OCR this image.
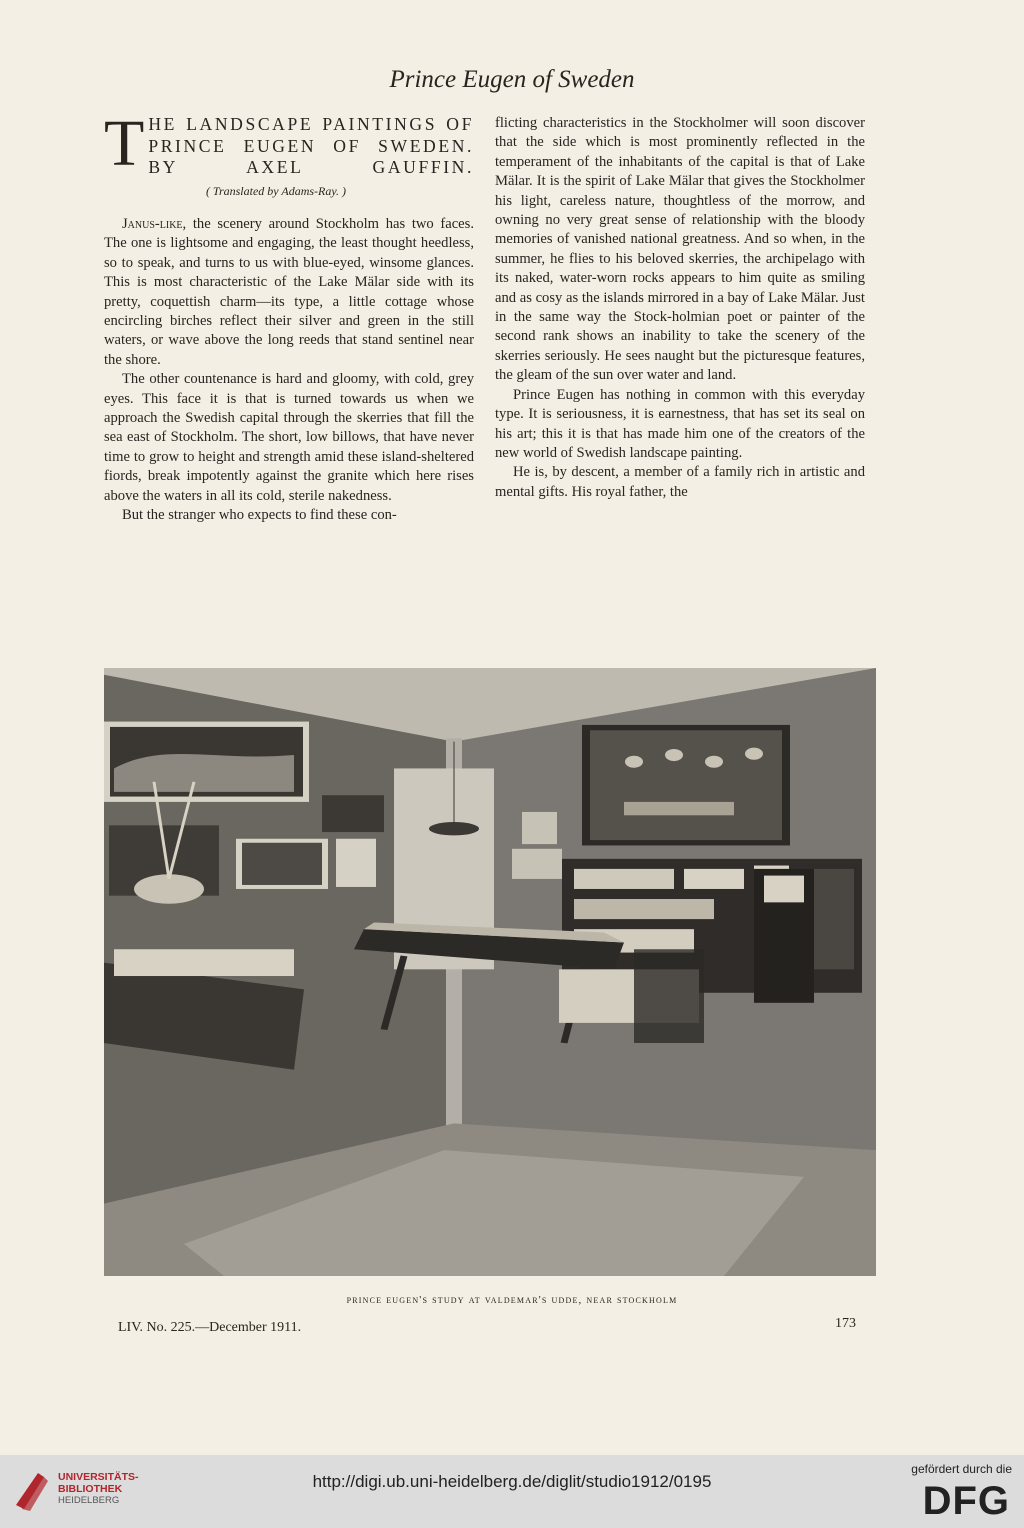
Prince Eugen of Sweden
T HE LANDSCAPE PAINTINGS OF PRINCE EUGEN OF SWEDEN. BY AXEL GAUFFIN.
( Translated by Adams-Ray. )

Janus-like, the scenery around Stockholm has two faces. The one is lightsome and engaging, the least thought heedless, so to speak, and turns to us with blue-eyed, winsome glances. This is most characteristic of the Lake Mälar side with its pretty, coquettish charm—its type, a little cottage whose encircling birches reflect their silver and green in the still waters, or wave above the long reeds that stand sentinel near the shore.

The other countenance is hard and gloomy, with cold, grey eyes. This face it is that is turned towards us when we approach the Swedish capital through the skerries that fill the sea east of Stockholm. The short, low billows, that have never time to grow to height and strength amid these island-sheltered fiords, break impotently against the granite which here rises above the waters in all its cold, sterile nakedness.

But the stranger who expects to find these con-

flicting characteristics in the Stockholmer will soon discover that the side which is most prominently reflected in the temperament of the inhabitants of the capital is that of Lake Mälar. It is the spirit of Lake Mälar that gives the Stockholmer his light, careless nature, thoughtless of the morrow, and owning no very great sense of relationship with the bloody memories of vanished national greatness. And so when, in the summer, he flies to his beloved skerries, the archipelago with its naked, water-worn rocks appears to him quite as smiling and as cosy as the islands mirrored in a bay of Lake Mälar. Just in the same way the Stock-holmian poet or painter of the second rank shows an inability to take the scenery of the skerries seriously. He sees naught but the picturesque features, the gleam of the sun over water and land.

Prince Eugen has nothing in common with this everyday type. It is seriousness, it is earnestness, that has set its seal on his art; this it is that has made him one of the creators of the new world of Swedish landscape painting.

He is, by descent, a member of a family rich in artistic and mental gifts. His royal father, the

UNIVERSITÄTS-
BIBLIOTHEK
HEIDELBERG
http://digi.ub.uni-heidelberg.de/diglit/studio1912/0195
gefördert durch die
DFG
prince eugen's study at valdemar's udde, near stockholm
LIV. No. 225.—December 1911.	173
